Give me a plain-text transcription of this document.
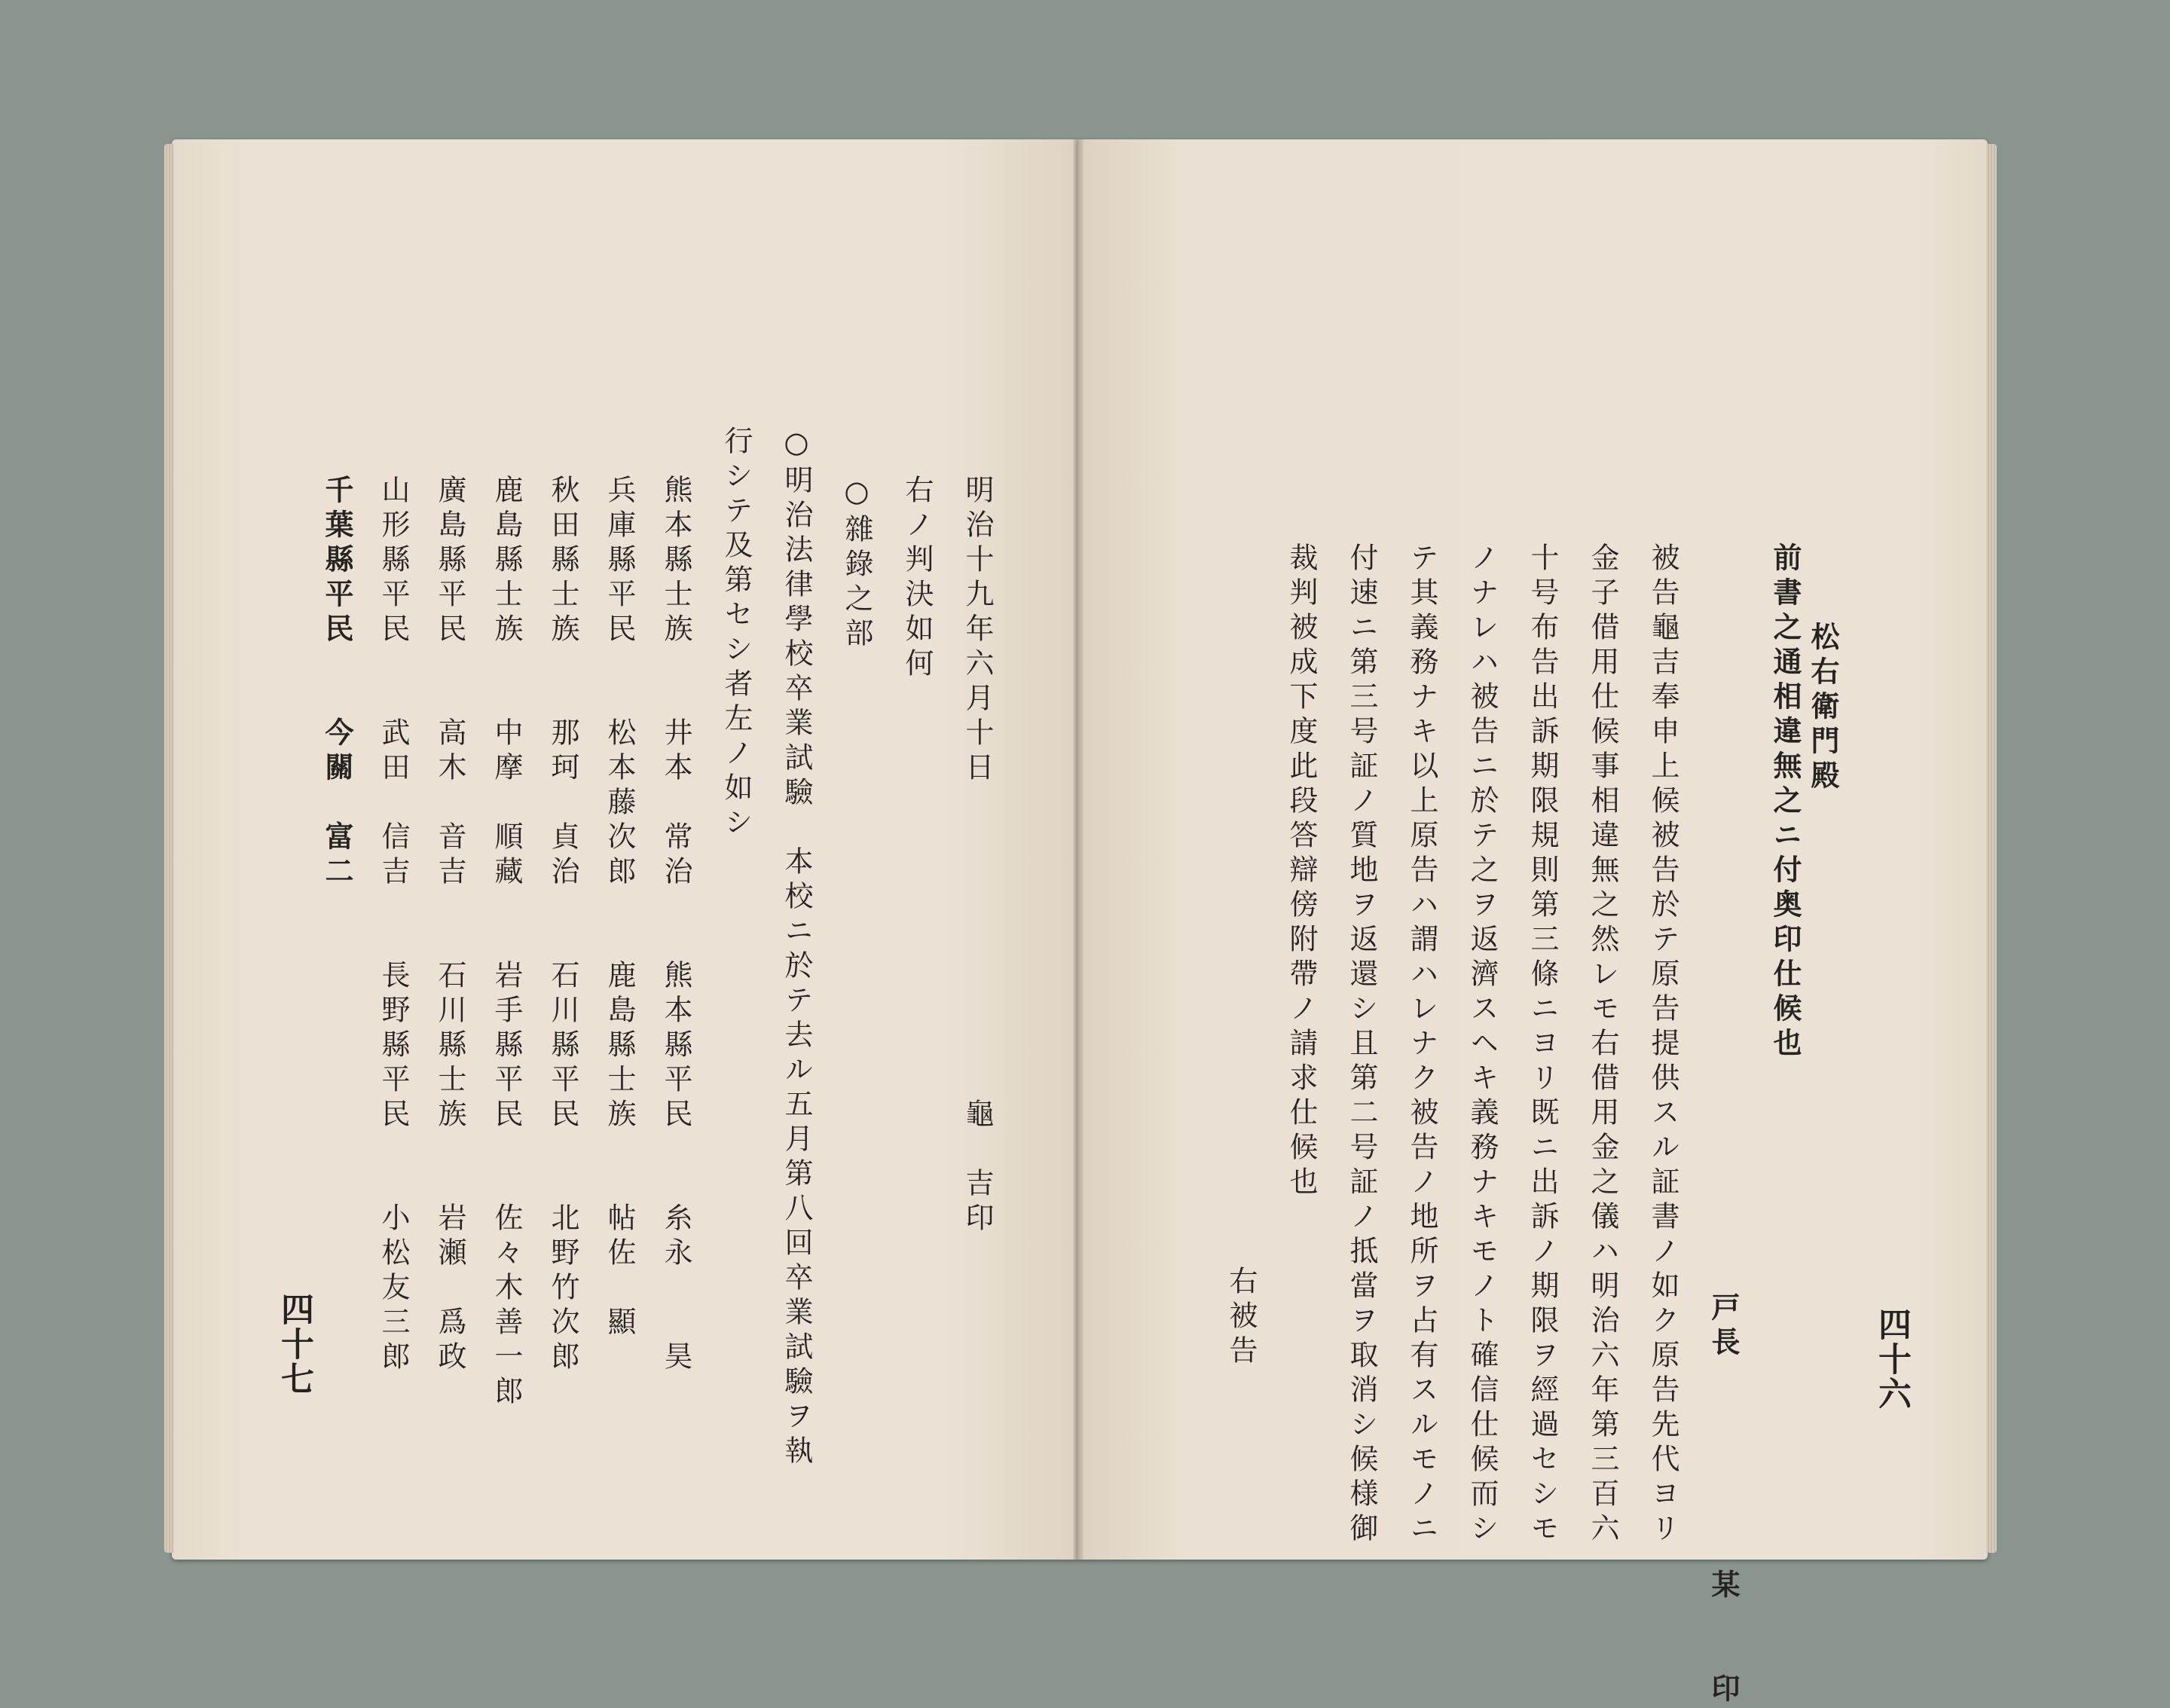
四十六
松右衛門殿
前書之通相違無之ニ付奥印仕候也
戸長　　　　　　某　　印
被告龜吉奉申上候被告於テ原告提供スル証書ノ如ク原告先代ヨリ
金子借用仕候事相違無之然レモ右借用金之儀ハ明治六年第三百六
十号布告出訴期限規則第三條ニヨリ既ニ出訴ノ期限ヲ經過セシモ
ノナレハ被告ニ於テ之ヲ返濟スヘキ義務ナキモノト確信仕候而シ
テ其義務ナキ以上原告ハ謂ハレナク被告ノ地所ヲ占有スルモノニ
付速ニ第三号証ノ質地ヲ返還シ且第二号証ノ抵當ヲ取消シ候様御
裁判被成下度此段答辯傍附帶ノ請求仕候也
右被告
明治十九年六月十日　　　　　　　　　龜　吉印
右ノ判決如何
○雜錄之部
○明治法律學校卒業試驗　本校ニ於テ去ル五月第八回卒業試驗ヲ執
行シテ及第セシ者左ノ如シ
熊本縣士族　　井本　常治　　熊本縣平民　　糸永　　昊
兵庫縣平民　　松本藤次郎　　鹿島縣士族　　帖佐　顯
秋田縣士族　　那珂　貞治　　石川縣平民　　北野竹次郎
鹿島縣士族　　中摩　順藏　　岩手縣平民　　佐々木善一郎
廣島縣平民　　高木　音吉　　石川縣士族　　岩瀬　爲政
山形縣平民　　武田　信吉　　長野縣平民　　小松友三郎
千葉縣平民　　今關　富二
四十七
